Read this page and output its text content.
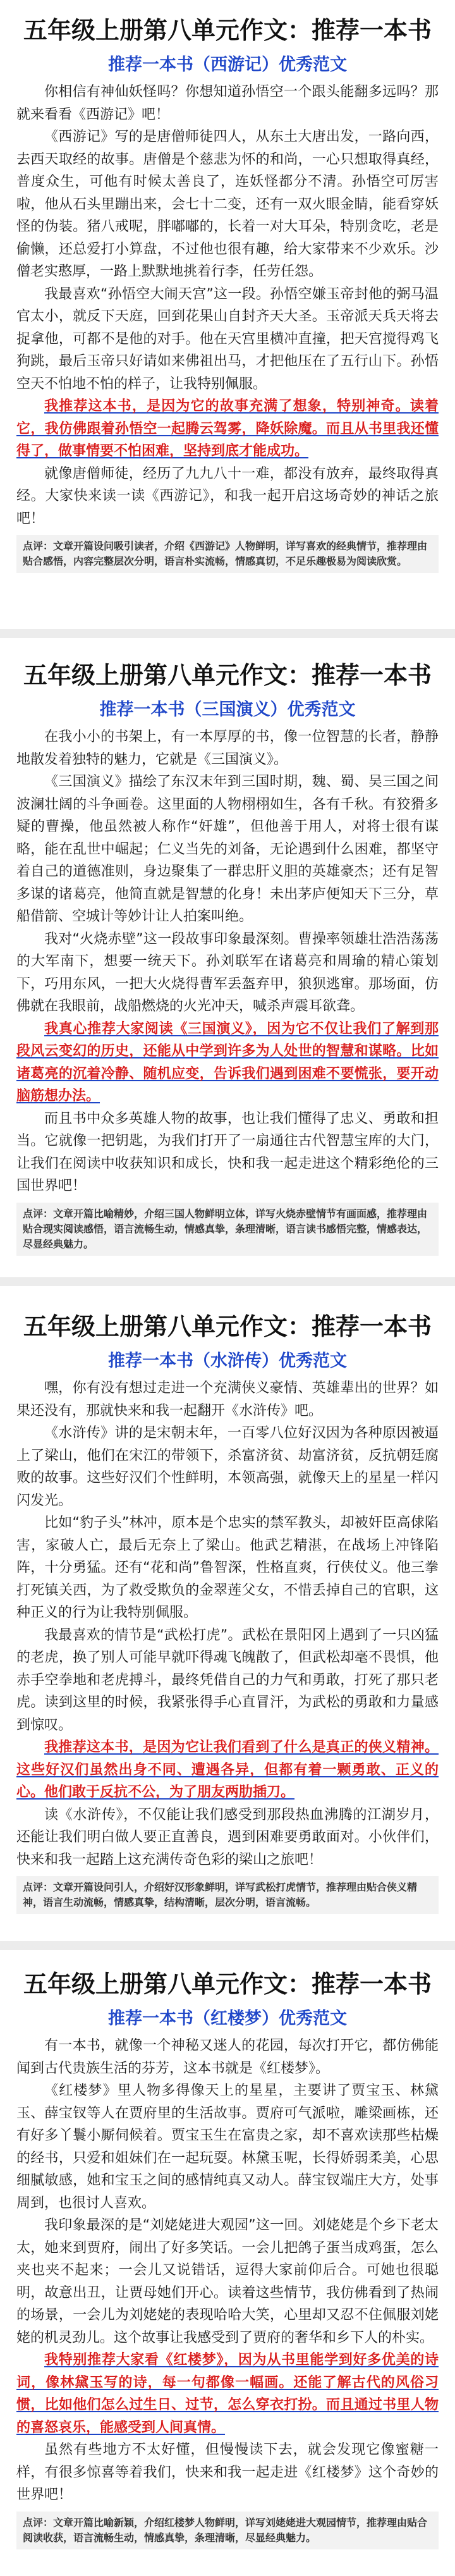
五年级上册第八单元作文：推荐一本书
推荐一本书（西游记）优秀范文

你相信有神仙妖怪吗？你想知道孙悟空一个跟头能翻多远吗？那就来看看《西游记》吧！

《西游记》写的是唐僧师徒四人，从东土大唐出发，一路向西，去西天取经的故事。唐僧是个慈悲为怀的和尚，一心只想取得真经，普度众生，可他有时候太善良了，连妖怪都分不清。孙悟空可厉害啦，他从石头里蹦出来，会七十二变，还有一双火眼金睛，能看穿妖怪的伪装。猪八戒呢，胖嘟嘟的，长着一对大耳朵，特别贪吃，老是偷懒，还总爱打小算盘，不过他也很有趣，给大家带来不少欢乐。沙僧老实憨厚，一路上默默地挑着行李，任劳任怨。

我最喜欢“孙悟空大闹天宫”这一段。孙悟空嫌玉帝封他的弼马温官太小，就反下天庭，回到花果山自封齐天大圣。玉帝派天兵天将去捉拿他，可都不是他的对手。他在天宫里横冲直撞，把天宫搅得鸡飞狗跳，最后玉帝只好请如来佛祖出马，才把他压在了五行山下。孙悟空天不怕地不怕的样子，让我特别佩服。

我推荐这本书，是因为它的故事充满了想象，特别神奇。读着它，我仿佛跟着孙悟空一起腾云驾雾，降妖除魔。而且从书里我还懂得了，做事情要不怕困难，坚持到底才能成功。

就像唐僧师徒，经历了九九八十一难，都没有放弃，最终取得真经。大家快来读一读《西游记》，和我一起开启这场奇妙的神话之旅吧！

点评：文章开篇设问吸引读者，介绍《西游记》人物鲜明，详写喜欢的经典情节，推荐理由贴合感悟，内容完整层次分明，语言朴实流畅，情感真切，不足乐趣极易为阅读欣赏。
五年级上册第八单元作文：推荐一本书
推荐一本书（三国演义）优秀范文

在我小小的书架上，有一本厚厚的书，像一位智慧的长者，静静地散发着独特的魅力，它就是《三国演义》。

《三国演义》描绘了东汉末年到三国时期，魏、蜀、吴三国之间波澜壮阔的斗争画卷。这里面的人物栩栩如生，各有千秋。有狡猾多疑的曹操，他虽然被人称作“奸雄”，但他善于用人，对将士很有谋略，能在乱世中崛起；仁义当先的刘备，无论遇到什么困难，都坚守着自己的道德准则，身边聚集了一群忠肝义胆的英雄豪杰；还有足智多谋的诸葛亮，他简直就是智慧的化身！未出茅庐便知天下三分，草船借箭、空城计等妙计让人拍案叫绝。

我对“火烧赤壁”这一段故事印象最深刻。曹操率领雄壮浩浩荡荡的大军南下，想要一统天下。孙刘联军在诸葛亮和周瑜的精心策划下，巧用东风，一把大火烧得曹军丢盔弃甲，狼狈逃窜。那场面，仿佛就在我眼前，战船燃烧的火光冲天，喊杀声震耳欲聋。

我真心推荐大家阅读《三国演义》，因为它不仅让我们了解到那段风云变幻的历史，还能从中学到许多为人处世的智慧和谋略。比如诸葛亮的沉着冷静、随机应变，告诉我们遇到困难不要慌张，要开动脑筋想办法。

而且书中众多英雄人物的故事，也让我们懂得了忠义、勇敢和担当。它就像一把钥匙，为我们打开了一扇通往古代智慧宝库的大门，让我们在阅读中收获知识和成长，快和我一起走进这个精彩绝伦的三国世界吧！

点评：文章开篇比喻精妙，介绍三国人物鲜明立体，详写火烧赤壁情节有画面感，推荐理由贴合现实阅读感悟，语言流畅生动，情感真挚，条理清晰，语言读书感悟完整，情感表达，尽显经典魅力。
五年级上册第八单元作文：推荐一本书
推荐一本书（水浒传）优秀范文

嘿，你有没有想过走进一个充满侠义豪情、英雄辈出的世界？如果还没有，那就快来和我一起翻开《水浒传》吧。

《水浒传》讲的是宋朝末年，一百零八位好汉因为各种原因被逼上了梁山，他们在宋江的带领下，杀富济贫、劫富济贫，反抗朝廷腐败的故事。这些好汉们个性鲜明，本领高强，就像天上的星星一样闪闪发光。

比如“豹子头”林冲，原本是个忠实的禁军教头，却被奸臣高俅陷害，家破人亡，最后无奈上了梁山。他武艺精湛，在战场上冲锋陷阵，十分勇猛。还有“花和尚”鲁智深，性格直爽，行侠仗义。他三拳打死镇关西，为了救受欺负的金翠莲父女，不惜丢掉自己的官职，这种正义的行为让我特别佩服。

我最喜欢的情节是“武松打虎”。武松在景阳冈上遇到了一只凶猛的老虎，换了别人可能早就吓得魂飞魄散了，但武松却毫不畏惧，他赤手空拳地和老虎搏斗，最终凭借自己的力气和勇敢，打死了那只老虎。读到这里的时候，我紧张得手心直冒汗，为武松的勇敢和力量感到惊叹。

我推荐这本书，是因为它让我们看到了什么是真正的侠义精神。这些好汉们虽然出身不同、遭遇各异，但都有着一颗勇敢、正义的心。他们敢于反抗不公，为了朋友两肋插刀。

读《水浒传》，不仅能让我们感受到那段热血沸腾的江湖岁月，还能让我们明白做人要正直善良，遇到困难要勇敢面对。小伙伴们，快来和我一起踏上这充满传奇色彩的梁山之旅吧！

点评：文章开篇设问引人，介绍好汉形象鲜明，详写武松打虎情节，推荐理由贴合侠义精神，语言生动流畅，情感真挚，结构清晰，层次分明，语言流畅。
五年级上册第八单元作文：推荐一本书
推荐一本书（红楼梦）优秀范文

有一本书，就像一个神秘又迷人的花园，每次打开它，都仿佛能闻到古代贵族生活的芬芳，这本书就是《红楼梦》。

《红楼梦》里人物多得像天上的星星，主要讲了贾宝玉、林黛玉、薛宝钗等人在贾府里的生活故事。贾府可气派啦，雕梁画栋，还有好多丫鬟小厮伺候着。贾宝玉生在富贵之家，却不喜欢读那些枯燥的经书，只爱和姐妹们在一起玩耍。林黛玉呢，长得娇弱柔美，心思细腻敏感，她和宝玉之间的感情纯真又动人。薛宝钗端庄大方，处事周到，也很讨人喜欢。

我印象最深的是“刘姥姥进大观园”这一回。刘姥姥是个乡下老太太，她来到贾府，闹出了好多笑话。一会儿把鸽子蛋当成鸡蛋，怎么夹也夹不起来；一会儿又说错话，逗得大家前仰后合。可她也很聪明，故意出丑，让贾母她们开心。读着这些情节，我仿佛看到了热闹的场景，一会儿为刘姥姥的表现哈哈大笑，心里却又忍不住佩服刘姥姥的机灵劲儿。这个故事让我感受到了贾府的奢华和乡下人的朴实。

我特别推荐大家看《红楼梦》，因为从书里能学到好多优美的诗词，像林黛玉写的诗，每一句都像一幅画。还能了解古代的风俗习惯，比如他们怎么过生日、过节，怎么穿衣打扮。而且通过书里人物的喜怒哀乐，能感受到人间真情。

虽然有些地方不太好懂，但慢慢读下去，就会发现它像蜜糖一样，有很多惊喜等着我们，快来和我一起走进《红楼梦》这个奇妙的世界吧！

点评：文章开篇比喻新颖，介绍红楼梦人物鲜明，详写刘姥姥进大观园情节，推荐理由贴合阅读收获，语言流畅生动，情感真挚，条理清晰，尽显经典魅力。
